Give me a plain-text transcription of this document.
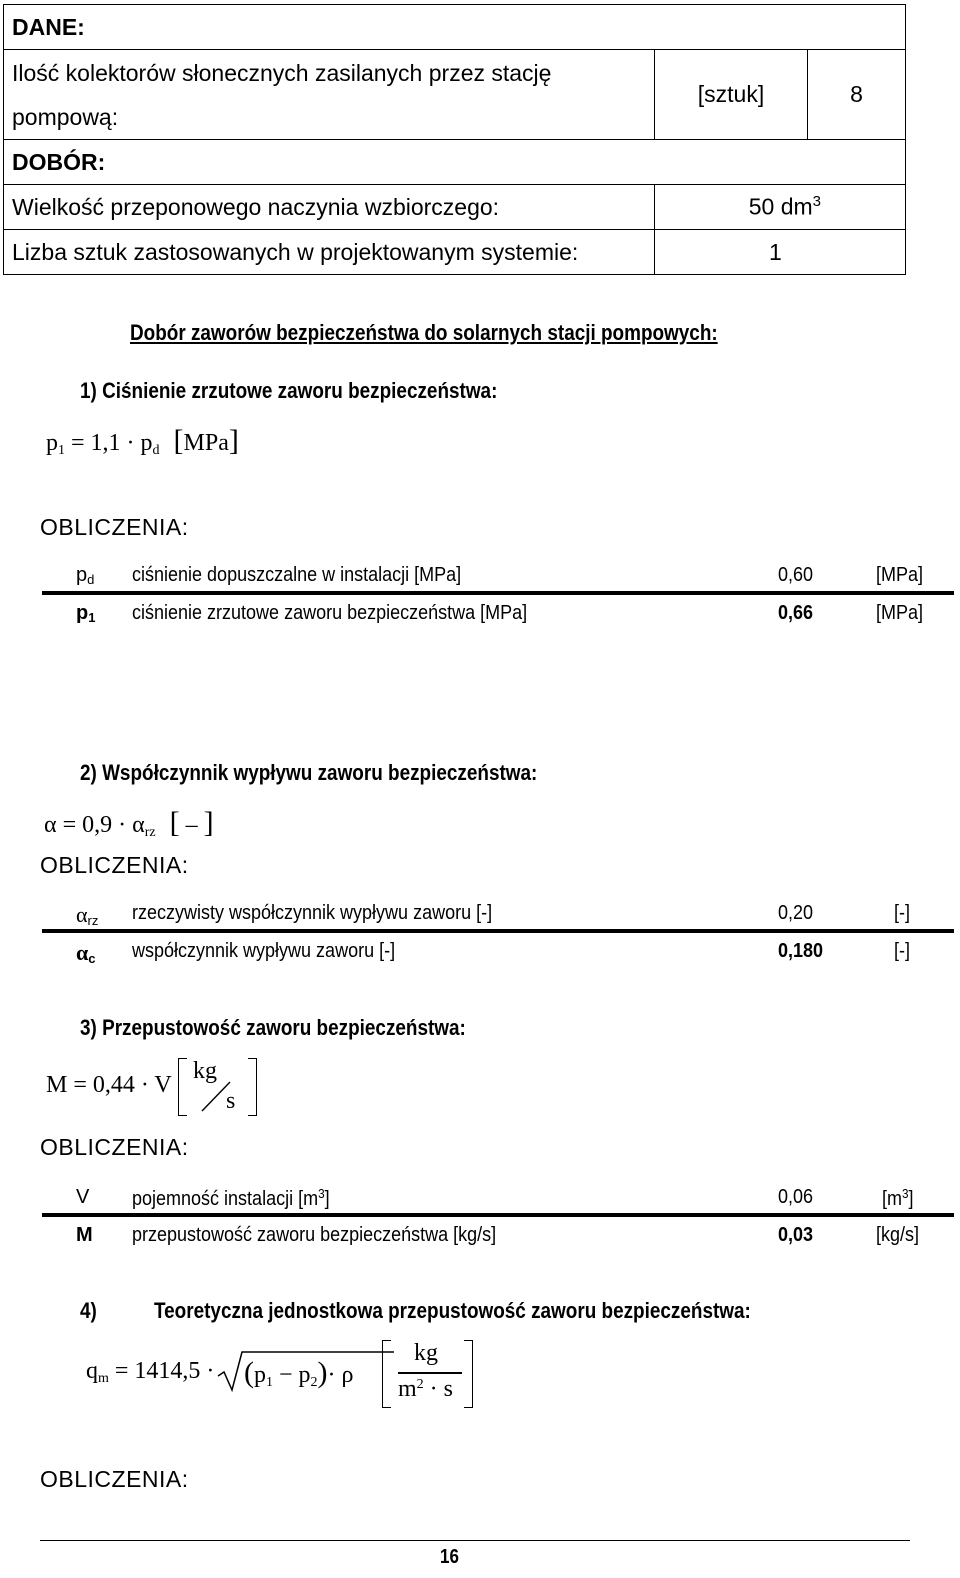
DANE:		
Ilość kolektorów słonecznych zasilanych przez stację pompową:	[sztuk]	8
DOBÓR:		
Wielkość przeponowego naczynia wzbiorczego:	50 $dm^3$
Lizba sztuk zastosowanych w projektowanym systemie:	1	
Dobór zaworów bezpieczeństwa do solarnych stacji pompowych:
1) Ciśnienie zrzutowe zaworu bezpieczeństwa:
$p_1 = 1,1 \cdot p_d$ [MPa]
OBLICZENIA:
$p_d$ ciśnienie dopuszczalne w instalacji [MPa]	0,60	[MPa]
$p_1$ ciśnienie zrzutowe zaworu bezpieczeństwa [MPa]	0,66	[MPa]
2) Współczynnik wypływu zaworu bezpieczeństwa:
$\alpha = 0,9 \cdot \alpha_{rz}$ [ – ]
OBLICZENIA:
$\alpha_{rz}$ rzeczywisty współczynnik wypływu zaworu [-]	0,20	[-]
$\alpha_c$ współczynnik wypływu zaworu [-]	0,180	[-]
3) Przepustowość zaworu bezpieczeństwa:
M = 0,44 · V
kg
s
OBLICZENIA:
V pojemność instalacji $[m^3]$	0,06	$[m^3]$
M przepustowość zaworu bezpieczeństwa [kg/s]	0,03	[kg/s]
4)	Teoretyczna jednostkowa przepustowość zaworu bezpieczeństwa:
$q_m = 1414,5 \cdot (p_1 - p_2)\cdot \rho$
kg
$m^2 \cdot s$
OBLICZENIA:
16
